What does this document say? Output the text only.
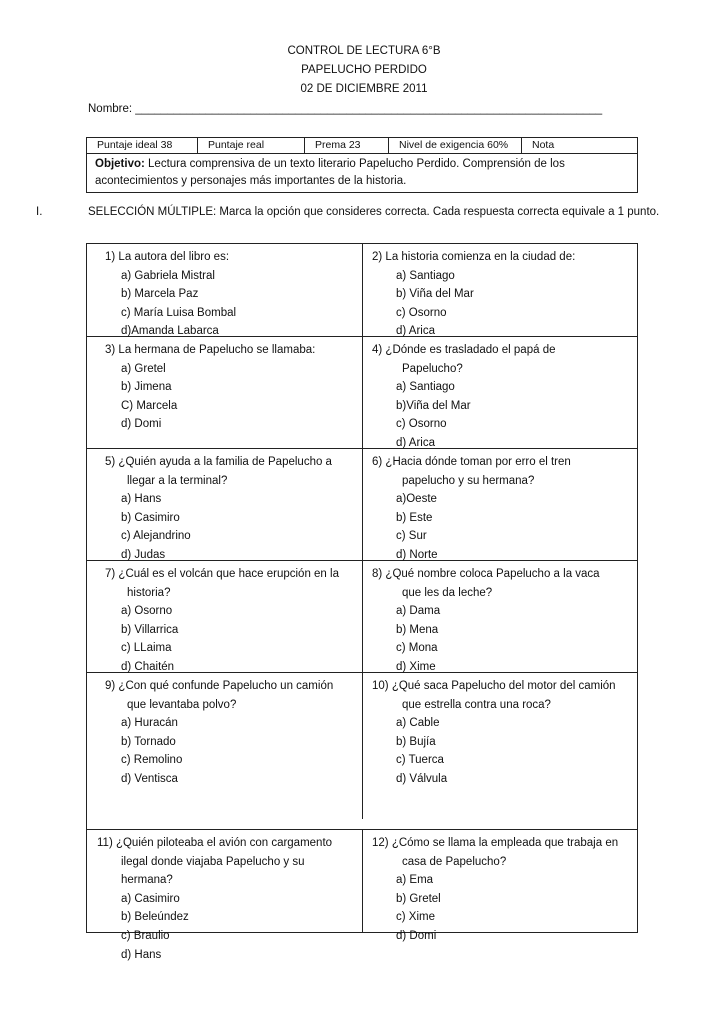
CONTROL DE LECTURA 6°B
PAPELUCHO PERDIDO
02 DE DICIEMBRE 2011
Nombre: _________________________________________________________________________
Puntaje ideal 38	Puntaje real	Prema 23	Nivel de exigencia 60%	Nota
Objetivo: Lectura comprensiva de un texto literario Papelucho Perdido. Comprensión de los
acontecimientos y personajes más importantes de la historia.
I.	SELECCIÓN MÚLTIPLE: Marca la opción que consideres correcta. Cada respuesta correcta equivale a 1 punto.
1) La autora del libro es:
a) Gabriela Mistral
b) Marcela Paz
c) María Luisa Bombal
d)Amanda Labarca
2) La historia comienza en la ciudad de:
a) Santiago
b) Viña del Mar
c) Osorno
d) Arica
3) La hermana de Papelucho se llamaba:
a) Gretel
b) Jimena
C) Marcela
d) Domi
4) ¿Dónde es trasladado el papá de
Papelucho?
a) Santiago
b)Viña del Mar
c) Osorno
d) Arica
5) ¿Quién ayuda a la familia de Papelucho a
llegar a la terminal?
a) Hans
b) Casimiro
c) Alejandrino
d) Judas
6) ¿Hacia dónde toman por erro el tren
papelucho y su hermana?
a)Oeste
b) Este
c) Sur
d) Norte
7) ¿Cuál es el volcán que hace erupción en la
historia?
a) Osorno
b) Villarrica
c) LLaima
d) Chaitén
8) ¿Qué nombre coloca Papelucho a la vaca
que les da leche?
a) Dama
b) Mena
c) Mona
d) Xime
9) ¿Con qué confunde Papelucho un camión
que levantaba polvo?
a) Huracán
b) Tornado
c) Remolino
d) Ventisca
10) ¿Qué saca Papelucho del motor del camión
que estrella contra una roca?
a) Cable
b) Bujía
c) Tuerca
d) Válvula
11) ¿Quién piloteaba el avión con cargamento
ilegal donde viajaba Papelucho y su
hermana?
a) Casimiro
b) Beleúndez
c) Braulio
d) Hans
12) ¿Cómo se llama la empleada que trabaja en
casa de Papelucho?
a) Ema
b) Gretel
c) Xime
d) Domi
